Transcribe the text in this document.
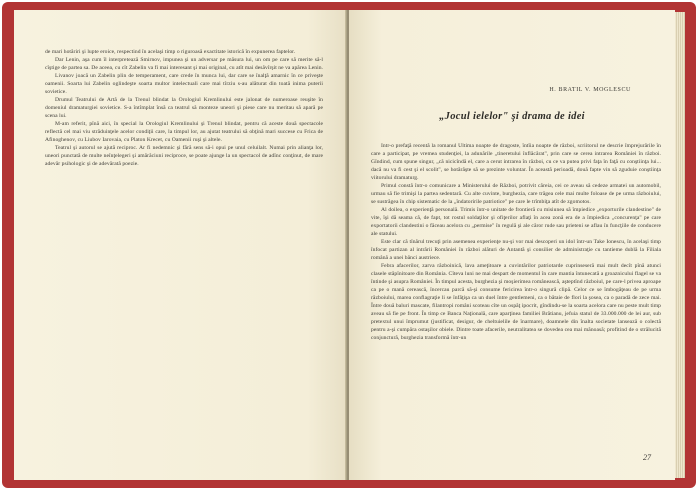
de mari hotăriri şi lupte eroice, respectind în acelaşi timp o riguroasă exactitate istorică în expunerea faptelor.

Dar Lenin, aşa cum îl interpretează Smirnov, impunea şi un adversar pe măsura lui, un om pe care să merite să-l cîştige de partea sa. De aceea, cu cît Zabelin va fi mai interesant şi mai original, cu atît mai desăvîrşit ne va apărea Lenin.

Livanov joacă un Zabelin plin de temperament, care crede în munca lui, dar care se înalţă amarnic în ce priveşte oamenii. Soarta lui Zabelin oglindeşte soarta multor intelectuali care mai tîrziu s-au alăturat din toată inima puterii sovietice.

Drumul Teatrului de Artă de la Trenul blindat la Orologiul Kremlinului este jalonat de numeroase reuşite în domeniul dramaturgiei sovietice. S-a întîmplat însă ca teatrul să monteze uneori şi piese care nu meritau să apară pe scena lui.

M-am referit, pînă aici, în special la Orologiul Kremlinului şi Trenul blindat, pentru că aceste două spectacole reflectă cel mai viu străduinţele acelor condiţii care, la timpul lor, au ajutat teatrului să obţină mari succese cu Frica de Afinoghenov, cu Liubov Iarovaia, cu Platon Krecet, cu Oamenii ruşi şi altele.

Teatrul şi autorul se ajută reciproc. Ar fi nedemnic şi fără sens să-i opui pe unul celuilalt. Numai prin alianţa lor, uneori punctată de multe neînţelegeri şi amărăciuni reciproce, se poate ajunge la un spectacol de adînc conţinut, de mare adevăr psihologic şi de adevărată poezie.

H. BRATIL V. MOGLESCU
„Jocul ielelor" şi drama de idei

Intr-o prefaţă recentă la romanul Ultima noapte de dragoste, întîia noapte de război, scriitorul ne descrie împrejurările în care a participat, pe vremea studenţiei, la adunările „tineretului înflăcărat", prin care se cerea intrarea României în război. Gîndind, cum spune singur, „că nicicîndă el, care a cerut intrarea în război, cu ce va putea privi faţa în faţă cu conştiinţa lui... dacă nu va fi cest şi el scolit", se hotărăşte să se prezinte voluntar. În această perioadă, două fapte vin să zguduie conştiinţa viitorului dramaturg.

Primul constă într-o comunicare a Ministerului de Război, potrivit căreia, cei ce aveau să cedeze armatei un automobil, urmau să fie trimişi la partea sedentară. Cu alte cuvinte, burghezia, care trăgea cele mai multe foloase de pe urma războiului, se sustrăgea în chip sistematic de la „îndatoririle patriotice" pe care le trîmbiţa atît de zgomotos.

Al doilea, o experienţă personală. Trimis într-o unitate de frontieră cu misiunea să împiedice „exporturile clandestine" de vite, îşi dă seama că, de fapt, tot rostul soldaţilor şi ofiţerilor aflaţi în acea zonă era de a împiedica „concurenţa" pe care exportatorii clandestini o făceau acelora cu „permise" în regulă şi ale căror rude sau prieteni se aflau în funcţiile de conducere ale statului.

Este clar că tînărul trecuţi prin asemenea experienţe nu-şi vor mai descoperi un idol într-un Take Ionescu, în acelaşi timp înfocat partizan al intrării României în război alături de Antantă şi consilier de administraţie cu tantieme dublă la Filiala română a unei bănci austriece.

Febra afacerilor, zarva războinică, lava ameţitoare a cuvintărilor patriotarde cuprinseseră mai mult decît pînă atunci clasele stăpînitoare din România. Cîteva luni ne mai despart de momentul în care mantia întunecată a groaznicului flagel se va întinde şi asupra României. În timpul acesta, burghezia şi moşierimea românească, aşteptînd războiul, pe care-l privea aproape ca pe o mană cerească, încercau parcă să-şi consume fericirea într-o singură clipă. Celor ce se îmbogăţeau de pe urma războiului, marea conflagraţie li se înfăţişa ca un duel între gentlemeni, ca o bătaie de flori la şosea, ca o paradă de zece mai. Între două baluri mascate, filantropi români scoteau cîte un ospăţ ipocrit, gîndindu-se la soarta acelora care nu peste mult timp aveau să fie pe front. În timp ce Banca Naţională, care aparţinea familiei Brătianu, jefuia statul de 33.000.000 de lei aur, sub pretextul unui împrumut (justificat, desigur, de cheltuielile de înarmare), doamnele din înalta societate lansează o colectă pentru a-şi cumpăra ostaşilor obiele. Dintre toate afacerile, neutralitatea se dovedea cea mai mănoasă; profitind de o strălucită conjunctură, burghezia transformă într-un

27
